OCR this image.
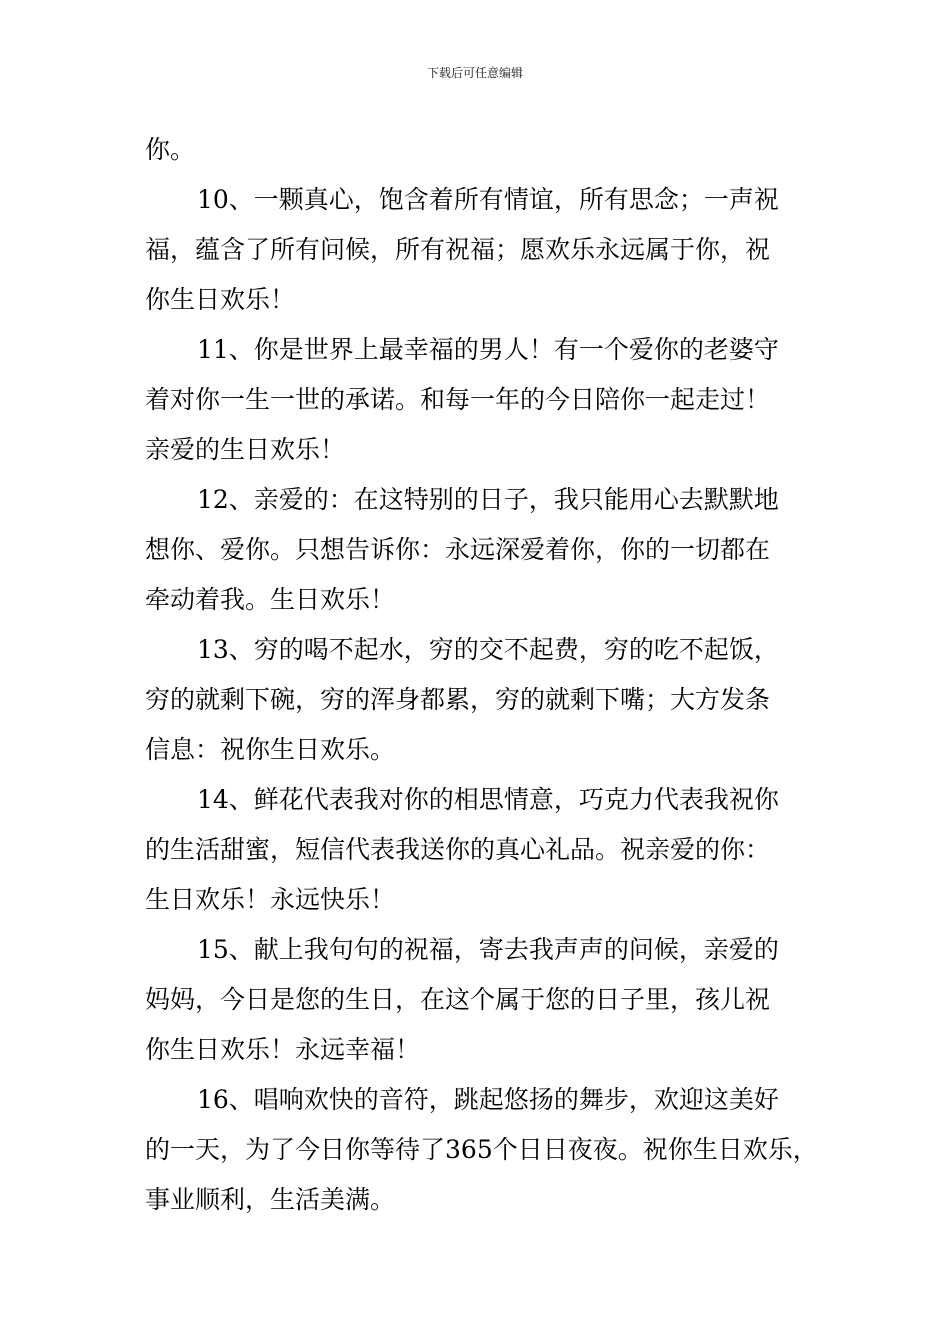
下载后可任意编辑
你。
10、一颗真心，饱含着所有情谊，所有思念；一声祝
福，蕴含了所有问候，所有祝福；愿欢乐永远属于你，祝
你生日欢乐！
11、你是世界上最幸福的男人！有一个爱你的老婆守
着对你一生一世的承诺。和每一年的今日陪你一起走过！
亲爱的生日欢乐！
12、亲爱的：在这特别的日子，我只能用心去默默地
想你、爱你。只想告诉你：永远深爱着你，你的一切都在
牵动着我。生日欢乐！
13、穷的喝不起水，穷的交不起费，穷的吃不起饭，
穷的就剩下碗，穷的浑身都累，穷的就剩下嘴；大方发条
信息：祝你生日欢乐。
14、鲜花代表我对你的相思情意，巧克力代表我祝你
的生活甜蜜，短信代表我送你的真心礼品。祝亲爱的你：
生日欢乐！永远快乐！
15、献上我句句的祝福，寄去我声声的问候，亲爱的
妈妈，今日是您的生日，在这个属于您的日子里，孩儿祝
你生日欢乐！永远幸福！
16、唱响欢快的音符，跳起悠扬的舞步，欢迎这美好
的一天，为了今日你等待了365个日日夜夜。祝你生日欢乐，
事业顺利，生活美满。
